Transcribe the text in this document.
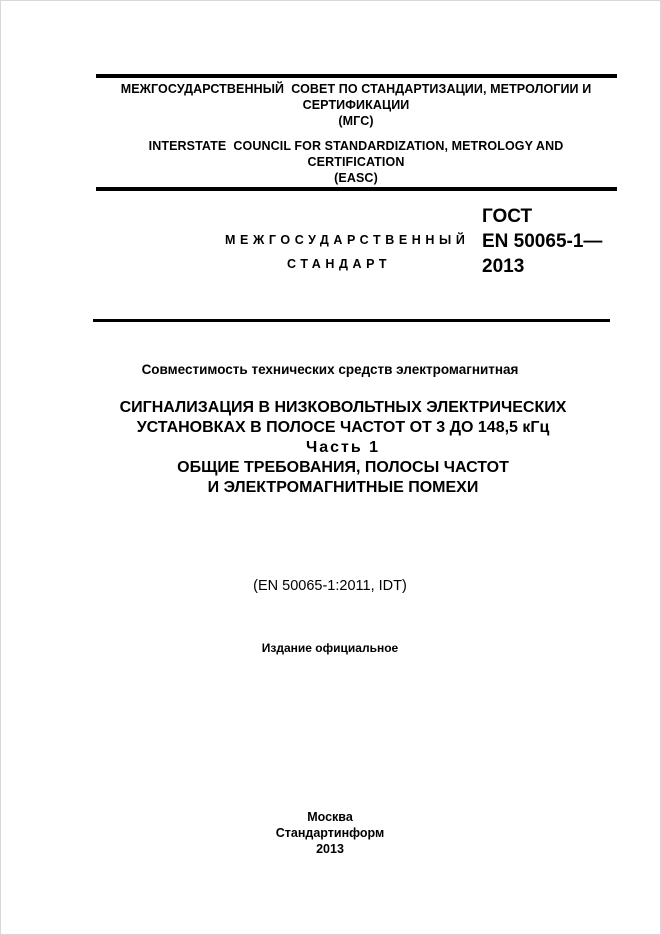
МЕЖГОСУДАРСТВЕННЫЙ  СОВЕТ ПО СТАНДАРТИЗАЦИИ, МЕТРОЛОГИИ И
СЕРТИФИКАЦИИ
(МГС)
INTERSTATE  COUNCIL FOR STANDARDIZATION, METROLOGY AND
CERTIFICATION
(EASC)
МЕЖГОСУДАРСТВЕННЫЙ
СТАНДАРТ
ГОСТ
EN 50065-1—
2013
Совместимость технических средств электромагнитная
СИГНАЛИЗАЦИЯ В НИЗКОВОЛЬТНЫХ ЭЛЕКТРИЧЕСКИХ
УСТАНОВКАХ В ПОЛОСЕ ЧАСТОТ ОТ 3 ДО 148,5 кГц
Часть 1
ОБЩИЕ ТРЕБОВАНИЯ, ПОЛОСЫ ЧАСТОТ
И ЭЛЕКТРОМАГНИТНЫЕ ПОМЕХИ
(EN 50065-1:2011, IDT)
Издание официальное
Москва
Стандартинформ
2013
